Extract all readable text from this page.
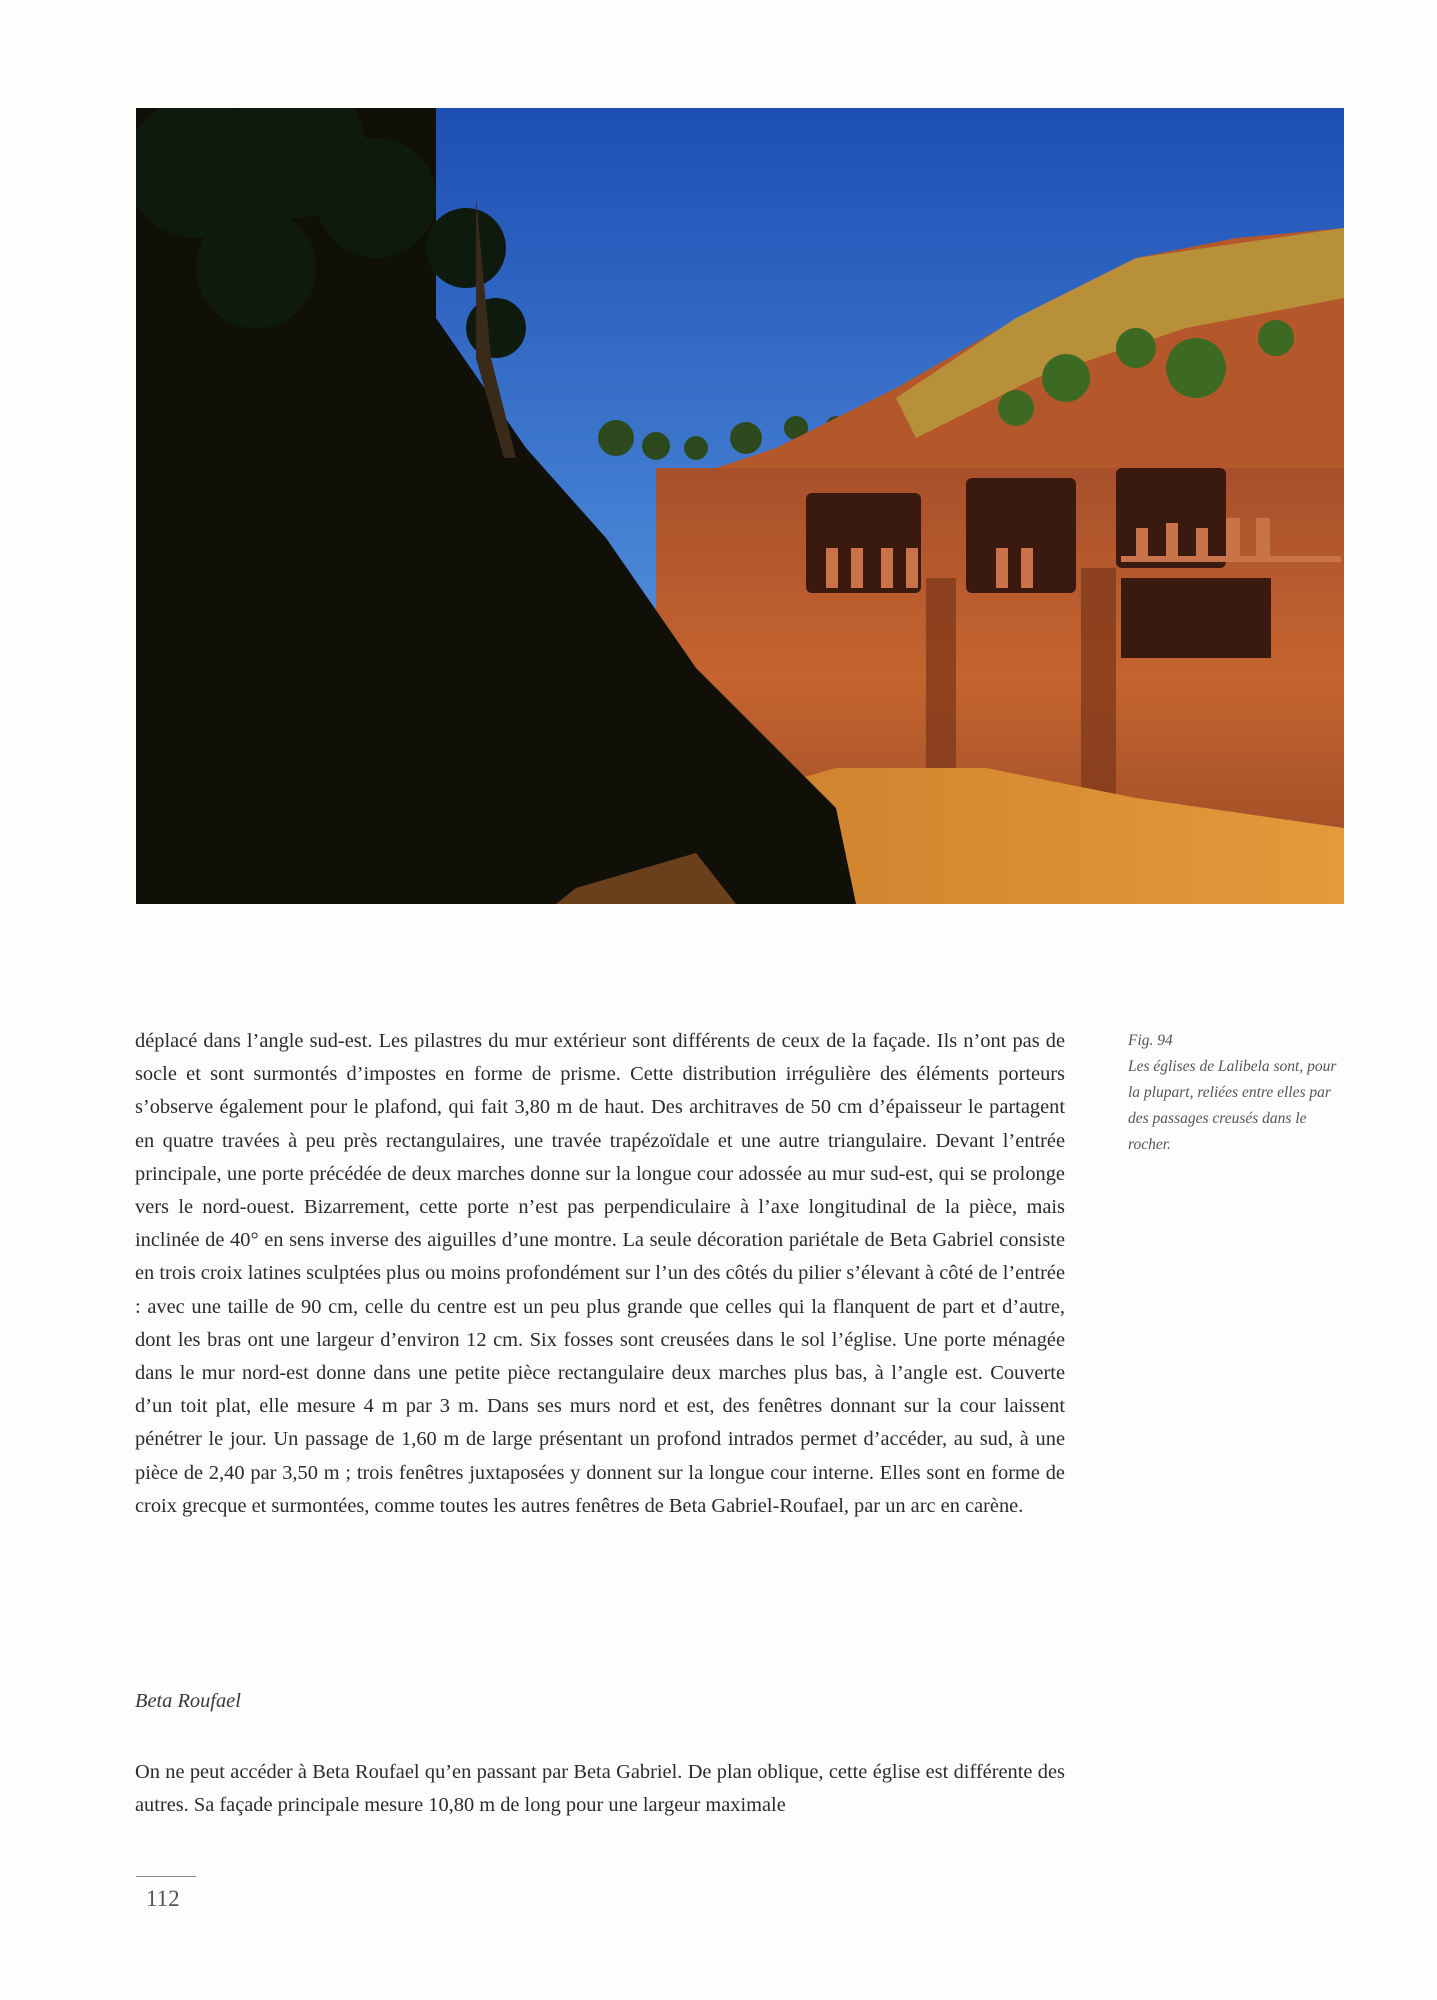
déplacé dans l’angle sud-est. Les pilastres du mur extérieur sont différents de ceux de la façade. Ils n’ont pas de socle et sont surmontés d’impostes en forme de prisme. Cette distribution irrégulière des éléments porteurs s’observe également pour le plafond, qui fait 3,80 m de haut. Des architraves de 50 cm d’épaisseur le partagent en quatre travées à peu près rectangulaires, une travée trapézoïdale et une autre triangulaire. Devant l’entrée principale, une porte précédée de deux marches donne sur la longue cour adossée au mur sud-est, qui se prolonge vers le nord-ouest. Bizarrement, cette porte n’est pas perpendiculaire à l’axe longitudinal de la pièce, mais inclinée de 40° en sens inverse des aiguilles d’une montre. La seule décoration pariétale de Beta Gabriel consiste en trois croix latines sculptées plus ou moins profondément sur l’un des côtés du pilier s’élevant à côté de l’entrée : avec une taille de 90 cm, celle du centre est un peu plus grande que celles qui la flanquent de part et d’autre, dont les bras ont une largeur d’environ 12 cm. Six fosses sont creusées dans le sol l’église. Une porte ménagée dans le mur nord-est donne dans une petite pièce rectangulaire deux marches plus bas, à l’angle est. Couverte d’un toit plat, elle mesure 4 m par 3 m. Dans ses murs nord et est, des fenêtres donnant sur la cour laissent pénétrer le jour. Un passage de 1,60 m de large présentant un profond intrados permet d’accéder, au sud, à une pièce de 2,40 par 3,50 m ; trois fenêtres juxtaposées y donnent sur la longue cour interne. Elles sont en forme de croix grecque et surmontées, comme toutes les autres fenêtres de Beta Gabriel-Roufael, par un arc en carène.

Fig. 94
Les églises de Lalibela sont, pour la plupart, reliées entre elles par des passages creusés dans le rocher.
Beta Roufael

On ne peut accéder à Beta Roufael qu’en passant par Beta Gabriel. De plan oblique, cette église est différente des autres. Sa façade principale mesure 10,80 m de long pour une largeur maximale

112
